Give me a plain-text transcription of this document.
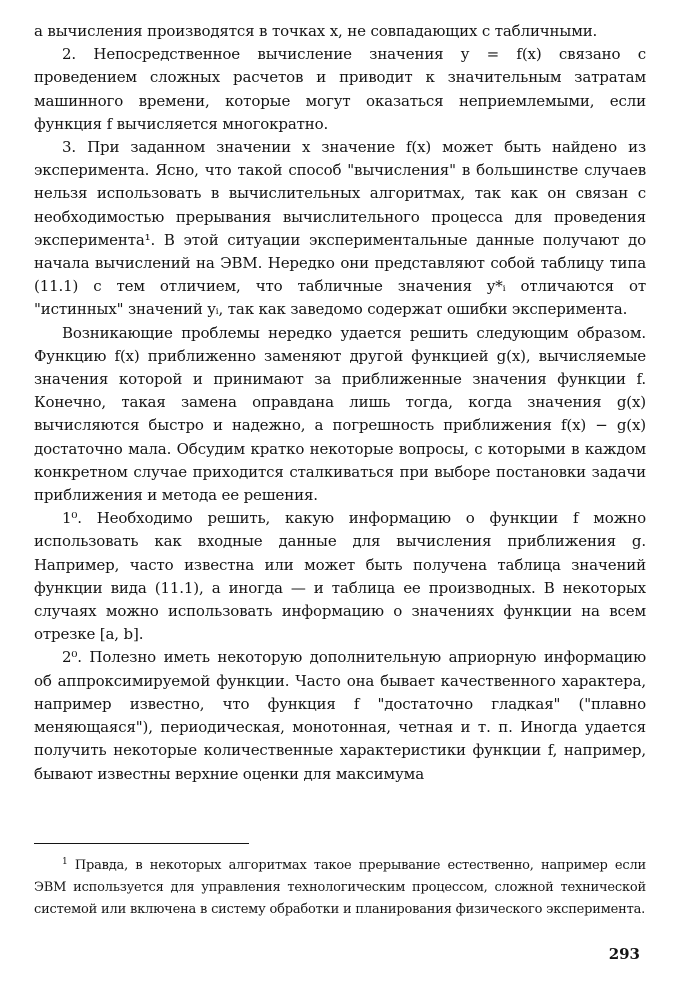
а вычисления производятся в точках x, не совпадающих с табличными.

2. Непосредственное вычисление значения y = f(x) связано с проведением сложных расчетов и приводит к значительным затратам машинного времени, которые могут оказаться неприемлемыми, если функция f вычисляется многократно.

3. При заданном значении x значение f(x) может быть найдено из эксперимента. Ясно, что такой способ "вычисления" в большинстве случаев нельзя использовать в вычислительных алгоритмах, так как он связан с необходимостью прерывания вычислительного процесса для проведения эксперимента¹. В этой ситуации экспериментальные данные получают до начала вычислений на ЭВМ. Нередко они представляют собой таблицу типа (11.1) с тем отличием, что табличные значения y*ᵢ отличаются от "истинных" значений yᵢ, так как заведомо содержат ошибки эксперимента.

Возникающие проблемы нередко удается решить следующим образом. Функцию f(x) приближенно заменяют другой функцией g(x), вычисляемые значения которой и принимают за приближенные значения функции f. Конечно, такая замена оправдана лишь тогда, когда значения g(x) вычисляются быстро и надежно, а погрешность приближения f(x) − g(x) достаточно мала. Обсудим кратко некоторые вопросы, с которыми в каждом конкретном случае приходится сталкиваться при выборе постановки задачи приближения и метода ее решения.

1⁰. Необходимо решить, какую информацию о функции f можно использовать как входные данные для вычисления приближения g. Например, часто известна или может быть получена таблица значений функции вида (11.1), а иногда — и таблица ее производных. В некоторых случаях можно использовать информацию о значениях функции на всем отрезке [a, b].

2⁰. Полезно иметь некоторую дополнительную априорную информацию об аппроксимируемой функции. Часто она бывает качественного характера, например известно, что функция f "достаточно гладкая" ("плавно меняющаяся"), периодическая, монотонная, четная и т. п. Иногда удается получить некоторые количественные характеристики функции f, например, бывают известны верхние оценки для максимума

$^1$ Правда, в некоторых алгоритмах такое прерывание естественно, например если ЭВМ используется для управления технологическим процессом, сложной технической системой или включена в систему обработки и планирования физического эксперимента.
293
